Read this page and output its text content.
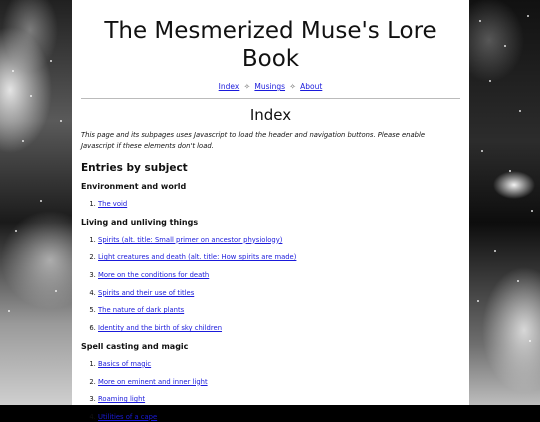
The Mesmerized Muse's Lore Book
Index ✧ Musings ✧ About
Index

This page and its subpages uses Javascript to load the header and navigation buttons. Please enable Javascript if these elements don't load.

Entries by subject
Environment and world
1. The void
Living and unliving things
1. Spirits (alt. title: Small primer on ancestor physiology)
2. Light creatures and death (alt. title: How spirits are made)
3. More on the conditions for death
4. Spirits and their use of titles
5. The nature of dark plants
6. Identity and the birth of sky children
Spell casting and magic
1. Basics of magic
2. More on eminent and inner light
3. Roaming light
4. Utilities of a cape
